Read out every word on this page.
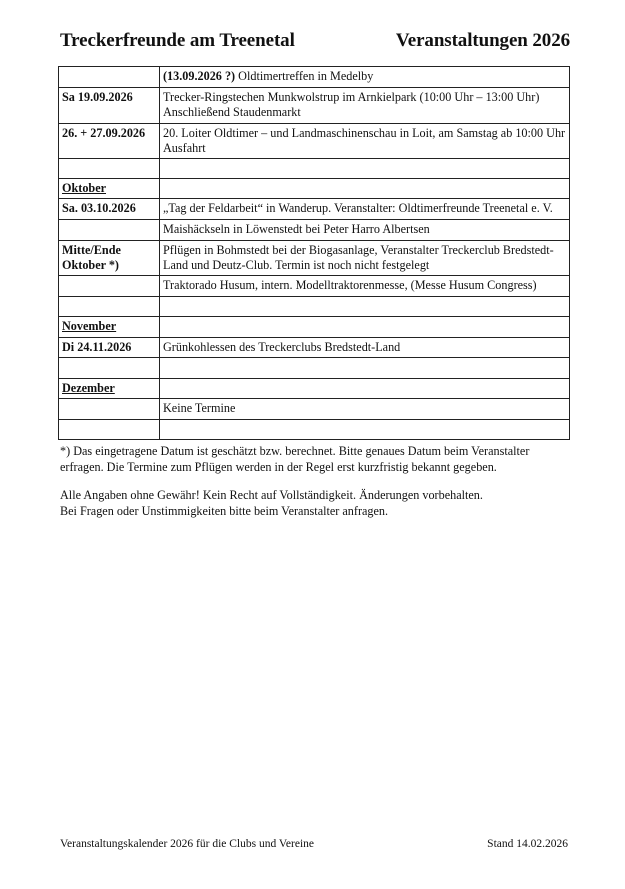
Treckerfreunde am Treenetal	Veranstaltungen 2026
	(13.09.2026 ?) Oldtimertreffen in Medelby
Sa 19.09.2026	Trecker-Ringstechen Munkwolstrup im Arnkielpark (10:00 Uhr – 13:00 Uhr) Anschließend Staudenmarkt
26. + 27.09.2026	20. Loiter Oldtimer – und Landmaschinenschau in Loit, am Samstag ab 10:00 Uhr Ausfahrt

Oktober	
Sa. 03.10.2026	„Tag der Feldarbeit“ in Wanderup. Veranstalter: Oldtimerfreunde Treenetal e. V.
	Maishäckseln in Löwenstedt bei Peter Harro Albertsen
Mitte/Ende Oktober *)	Pflügen in Bohmstedt bei der Biogasanlage, Veranstalter Treckerclub Bredstedt-Land und Deutz-Club. Termin ist noch nicht festgelegt
	Traktorado Husum, intern. Modelltraktorenmesse, (Messe Husum Congress)

November	
Di 24.11.2026	Grünkohlessen des Treckerclubs Bredstedt-Land

Dezember	
	Keine Termine

*) Das eingetragene Datum ist geschätzt bzw. berechnet. Bitte genaues Datum beim Veranstalter erfragen. Die Termine zum Pflügen werden in der Regel erst kurzfristig bekannt gegeben.

Alle Angaben ohne Gewähr! Kein Recht auf Vollständigkeit. Änderungen vorbehalten.
Bei Fragen oder Unstimmigkeiten bitte beim Veranstalter anfragen.

Veranstaltungskalender 2026 für die Clubs und Vereine	Stand 14.02.2026
